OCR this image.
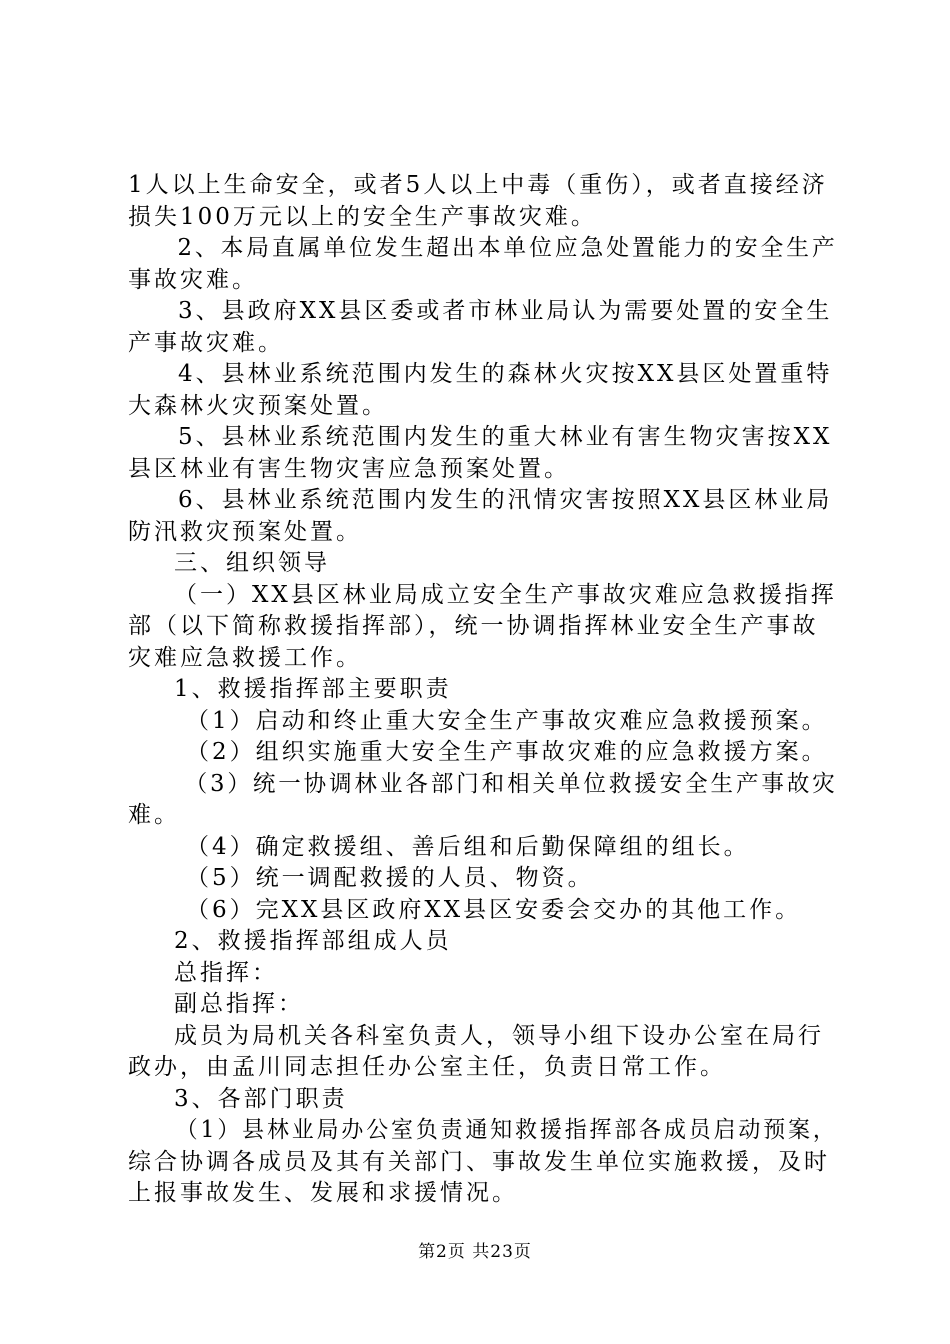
1人以上生命安全，或者5人以上中毒（重伤），或者直接经济
损失100万元以上的安全生产事故灾难。
2、本局直属单位发生超出本单位应急处置能力的安全生产
事故灾难。
3、县政府XX县区委或者市林业局认为需要处置的安全生
产事故灾难。
4、县林业系统范围内发生的森林火灾按XX县区处置重特
大森林火灾预案处置。
5、县林业系统范围内发生的重大林业有害生物灾害按XX
县区林业有害生物灾害应急预案处置。
6、县林业系统范围内发生的汛情灾害按照XX县区林业局
防汛救灾预案处置。
三、组织领导
（一）XX县区林业局成立安全生产事故灾难应急救援指挥
部（以下简称救援指挥部），统一协调指挥林业安全生产事故
灾难应急救援工作。
1、救援指挥部主要职责
（1）启动和终止重大安全生产事故灾难应急救援预案。
（2）组织实施重大安全生产事故灾难的应急救援方案。
（3）统一协调林业各部门和相关单位救援安全生产事故灾
难。
（4）确定救援组、善后组和后勤保障组的组长。
（5）统一调配救援的人员、物资。
（6）完XX县区政府XX县区安委会交办的其他工作。
2、救援指挥部组成人员
总指挥：
副总指挥：
成员为局机关各科室负责人，领导小组下设办公室在局行
政办，由孟川同志担任办公室主任，负责日常工作。
3、各部门职责
（1）县林业局办公室负责通知救援指挥部各成员启动预案，
综合协调各成员及其有关部门、事故发生单位实施救援，及时
上报事故发生、发展和求援情况。
第2页 共23页
